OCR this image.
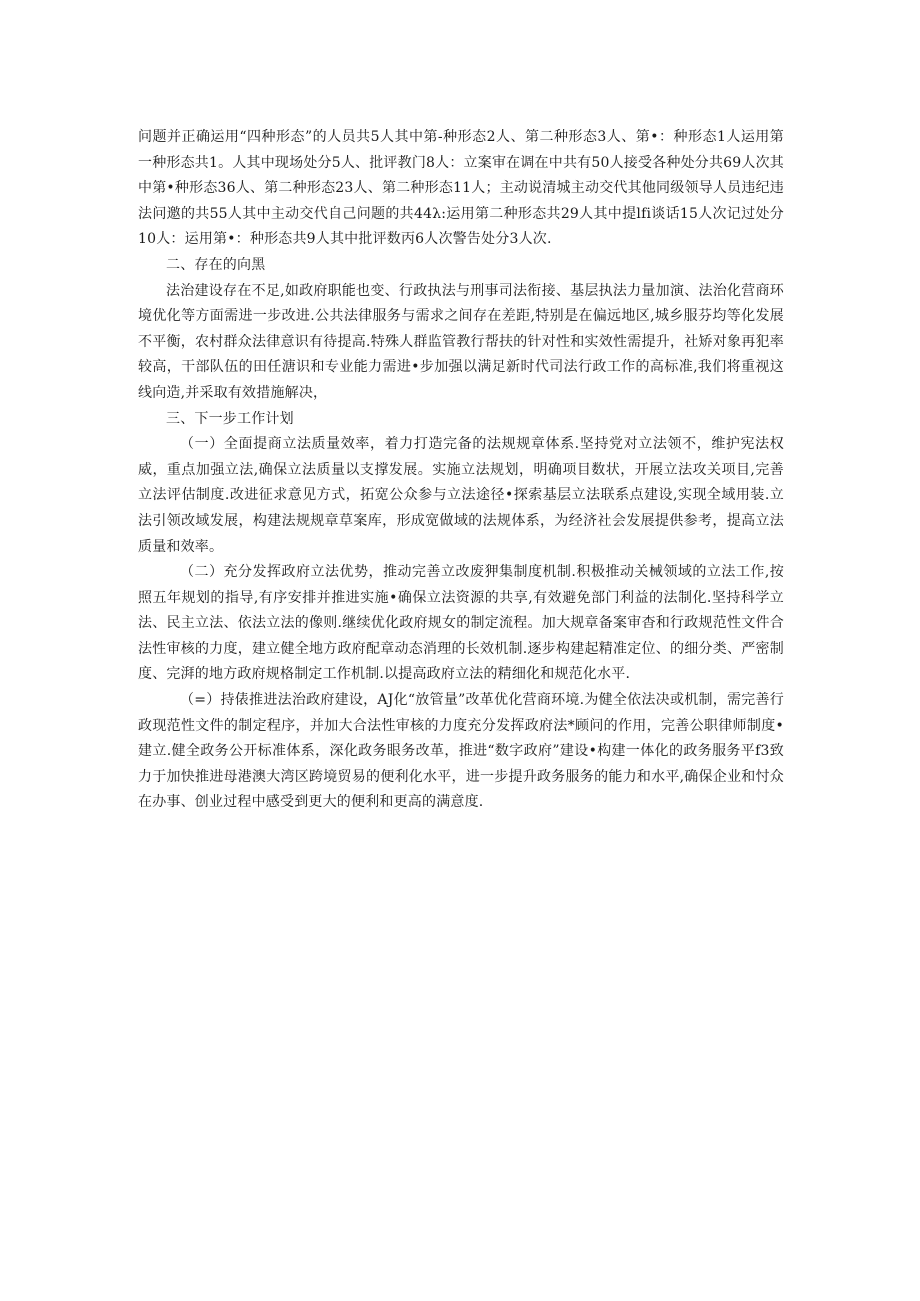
问题并正确运用“四种形态”的人员共5人其中第-种形态2人、第二种形态3人、第•：种形态1人运用第一种形态共1。人其中现场处分5人、批评教门8人：立案审在调在中共有50人接受各种处分共69人次其中第•种形态36人、第二种形态23人、第二种形态11人；主动说清城主动交代其他同级领导人员违纪违法问邀的共55人其中主动交代自己问题的共44λ:运用第二种形态共29人其中提lfi谈话15人次记过处分10人：运用第•：种形态共9人其中批评数丙6人次警告处分3人次.

二、存在的向黑

法治建设存在不足,如政府职能也变、行政执法与刑事司法衔接、基层执法力量加演、法治化营商环境优化等方面需进一步改进.公共法律服务与需求之间存在差距,特别是在偏远地区,城乡服芬均等化发展不平衡，农村群众法律意识有待提高.特殊人群监管教行帮扶的针对性和实效性需提升，社矫对象再犯率较高，干部队伍的田任溏识和专业能力需进•步加强以满足新时代司法行政工作的高标准,我们将重视这线向造,并采取有效措施解决，

三、下一步工作计划

（一）全面提商立法质量效率，着力打造完备的法规规章体系.坚持党对立法领不，维护宪法权威，重点加强立法,确保立法质量以支撑发展。实施立法规划，明确项目数状，开展立法攻关项目,完善立法评估制度.改进征求意见方式，拓宽公众参与立法途径•探索基层立法联系点建设,实现全域用装.立法引领改域发展，构建法规规章草案库，形成宽做域的法规体系，为经济社会发展提供参考，提高立法质量和效率。

（二）充分发挥政府立法优势，推动完善立改废狎集制度机制.积极推动关械领域的立法工作,按照五年规划的指导,有序安排并推进实施•确保立法资源的共享,有效避免部门利益的法制化.坚持科学立法、民主立法、依法立法的像则.继续优化政府规女的制定流程。加大规章备案审杳和行政规范性文件合法性审核的力度，建立健全地方政府配章动态消理的长效机制.逐步构建起精准定位、的细分类、严密制度、完湃的地方政府规格制定工作机制.以提高政府立法的精细化和规范化水平.

（=）持俵推进法治政府建设，AJ化“放管量”改革优化营商环境.为健全依法决或机制，需完善行政现范性文件的制定程序，并加大合法性审核的力度充分发挥政府法*顾问的作用，完善公职律师制度•建立.健全政务公开标准体系，深化政务眼务改革，推进“数字政府”建设•构建一体化的政务服务平f3致力于加快推进母港澳大湾区跨境贸易的便利化水平，进一步提升政务服务的能力和水平,确保企业和忖众在办事、创业过程中感受到更大的便利和更高的满意度.
